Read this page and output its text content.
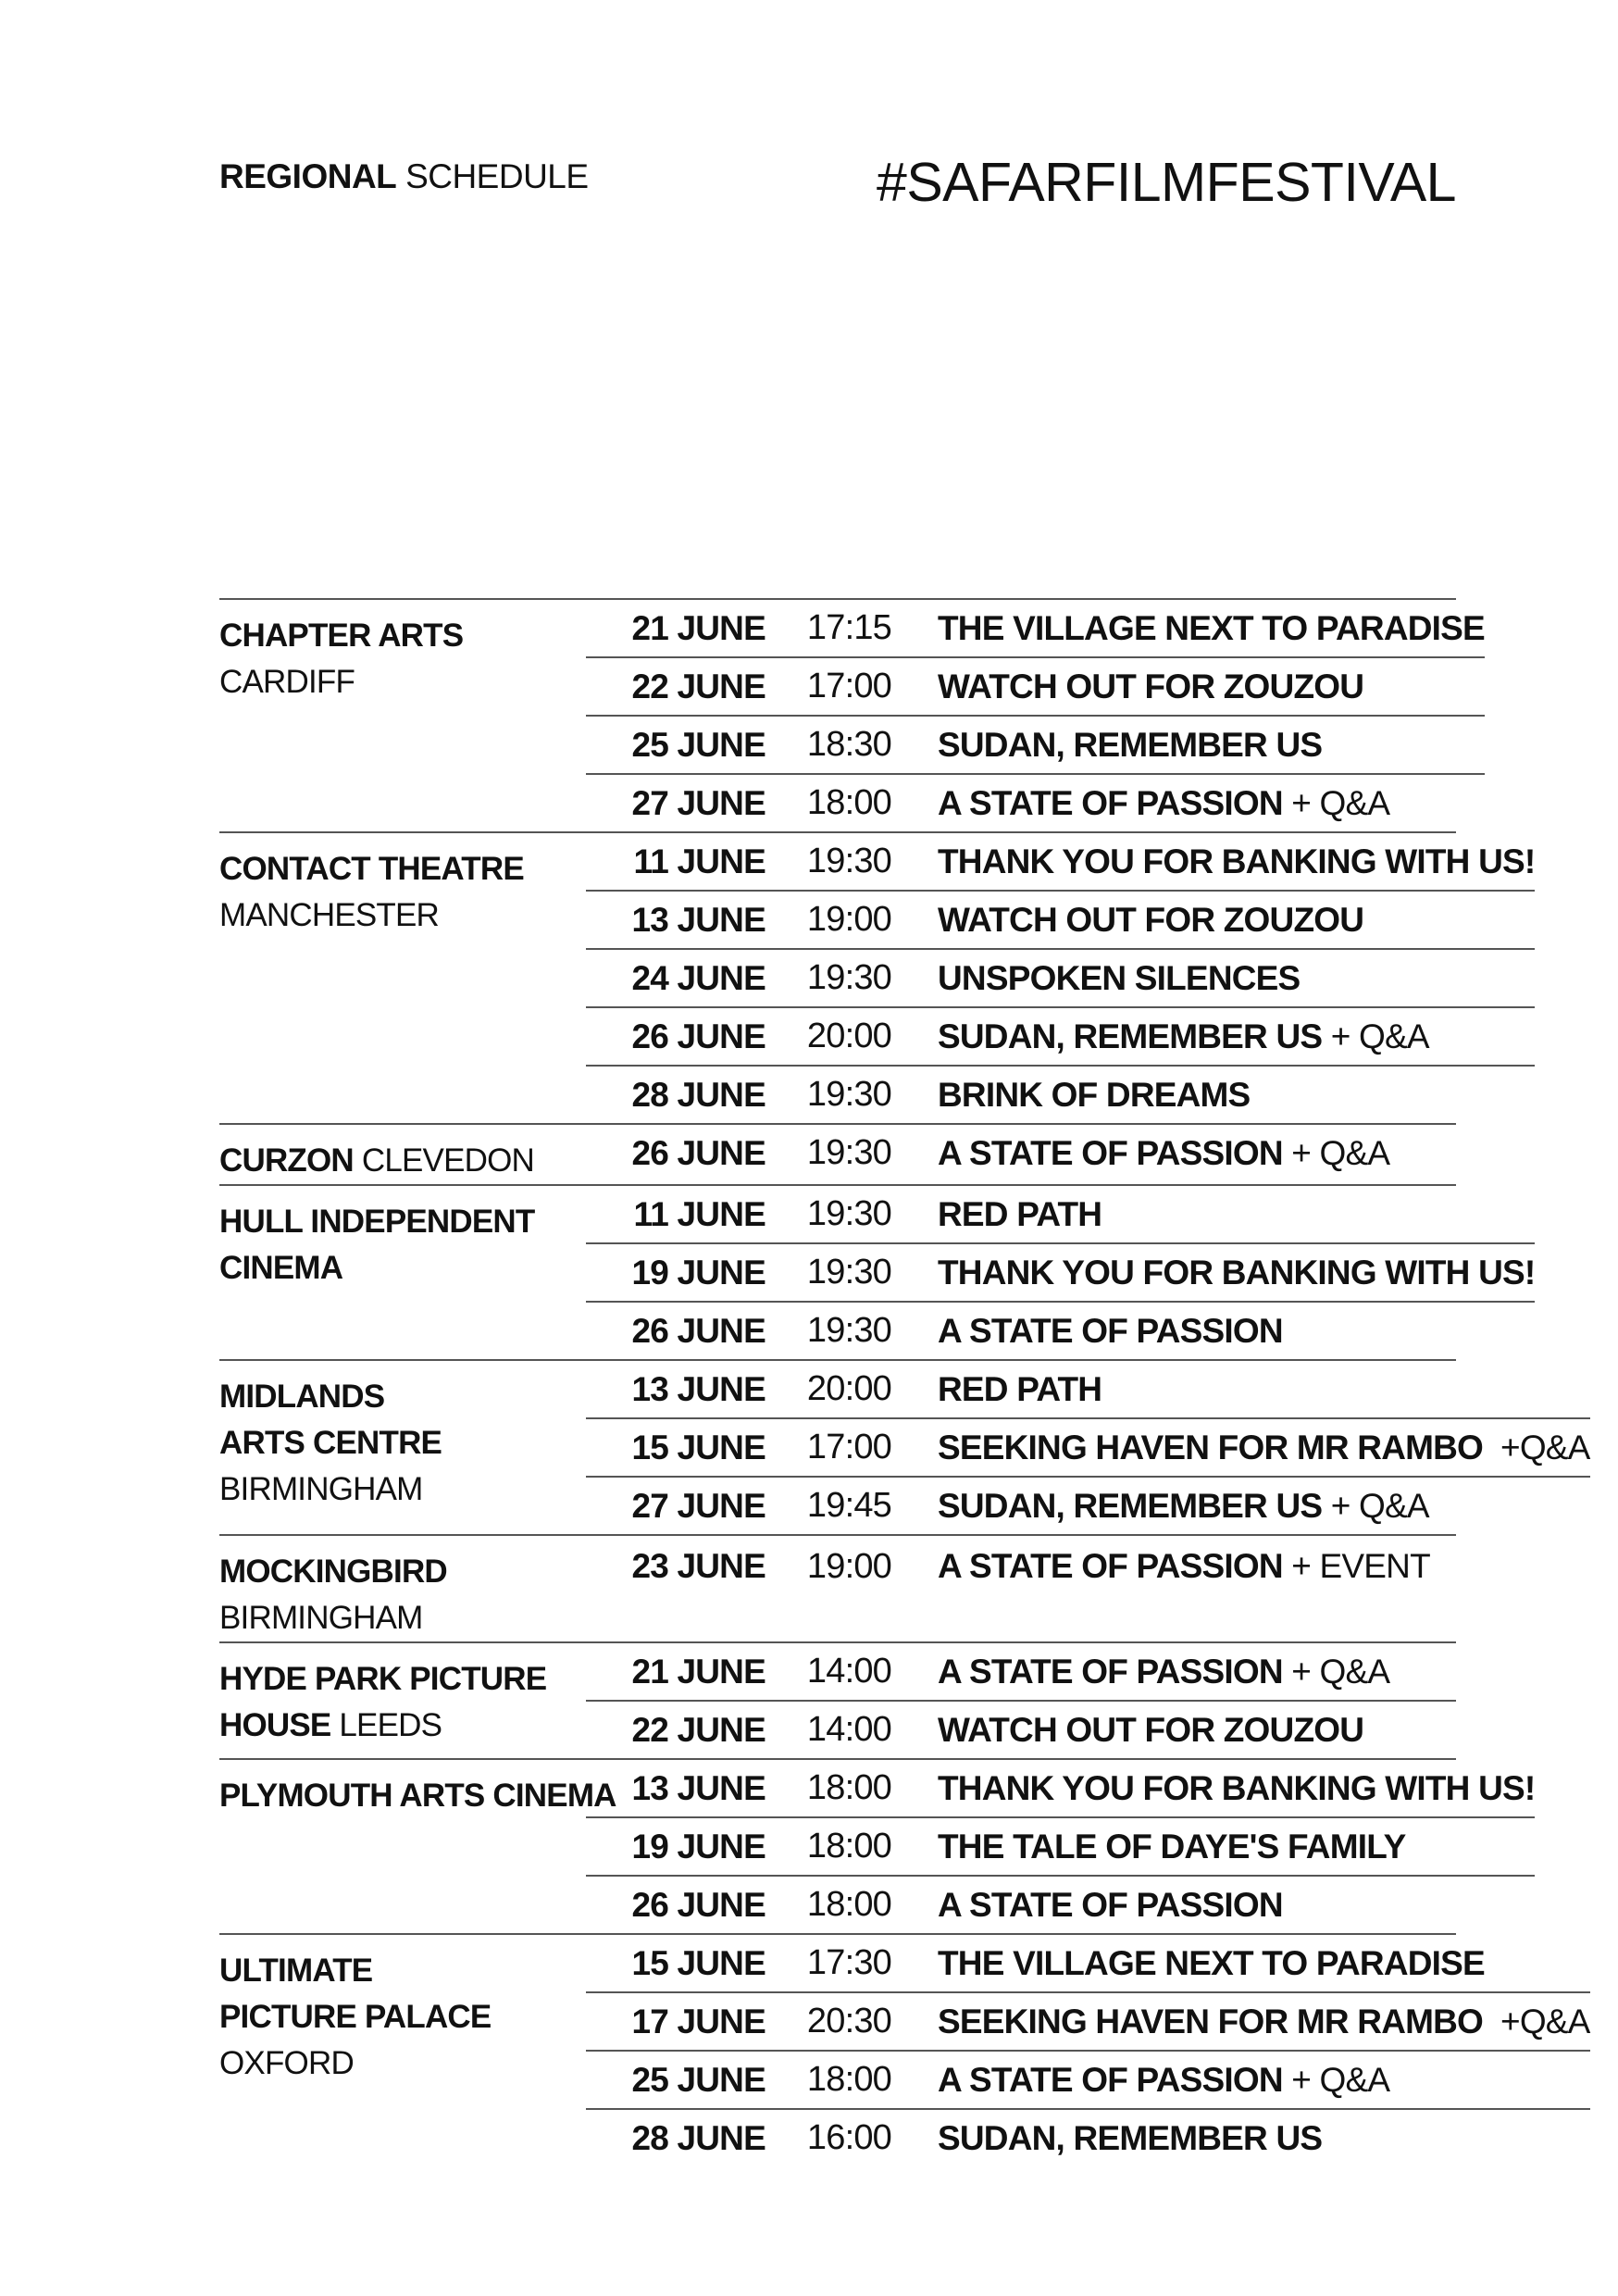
REGIONAL SCHEDULE	#SAFARFILMFESTIVAL
CHAPTER ARTS
CARDIFF
21 JUNE	17:15	THE VILLAGE NEXT TO PARADISE
22 JUNE	17:00	WATCH OUT FOR ZOUZOU
25 JUNE	18:30	SUDAN, REMEMBER US
27 JUNE	18:00	A STATE OF PASSION + Q&A
CONTACT THEATRE
MANCHESTER
11 JUNE	19:30	THANK YOU FOR BANKING WITH US!
13 JUNE	19:00	WATCH OUT FOR ZOUZOU
24 JUNE	19:30	UNSPOKEN SILENCES
26 JUNE	20:00	SUDAN, REMEMBER US + Q&A
28 JUNE	19:30	BRINK OF DREAMS
CURZON CLEVEDON	26 JUNE	19:30	A STATE OF PASSION + Q&A
HULL INDEPENDENT
CINEMA
11 JUNE	19:30	RED PATH
19 JUNE	19:30	THANK YOU FOR BANKING WITH US!
26 JUNE	19:30	A STATE OF PASSION
MIDLANDS
ARTS CENTRE
BIRMINGHAM
13 JUNE	20:00	RED PATH
15 JUNE	17:00	SEEKING HAVEN FOR MR RAMBO  +Q&A
27 JUNE	19:45	SUDAN, REMEMBER US + Q&A
MOCKINGBIRD
BIRMINGHAM
23 JUNE	19:00	A STATE OF PASSION + EVENT
HYDE PARK PICTURE
HOUSE LEEDS
21 JUNE	14:00	A STATE OF PASSION + Q&A
22 JUNE	14:00	WATCH OUT FOR ZOUZOU
PLYMOUTH ARTS CINEMA 13 JUNE	18:00	THANK YOU FOR BANKING WITH US!
19 JUNE	18:00	THE TALE OF DAYE'S FAMILY
26 JUNE	18:00	A STATE OF PASSION
ULTIMATE
PICTURE PALACE
OXFORD
15 JUNE	17:30	THE VILLAGE NEXT TO PARADISE
17 JUNE	20:30	SEEKING HAVEN FOR MR RAMBO  +Q&A
25 JUNE	18:00	A STATE OF PASSION + Q&A
28 JUNE	16:00	SUDAN, REMEMBER US
